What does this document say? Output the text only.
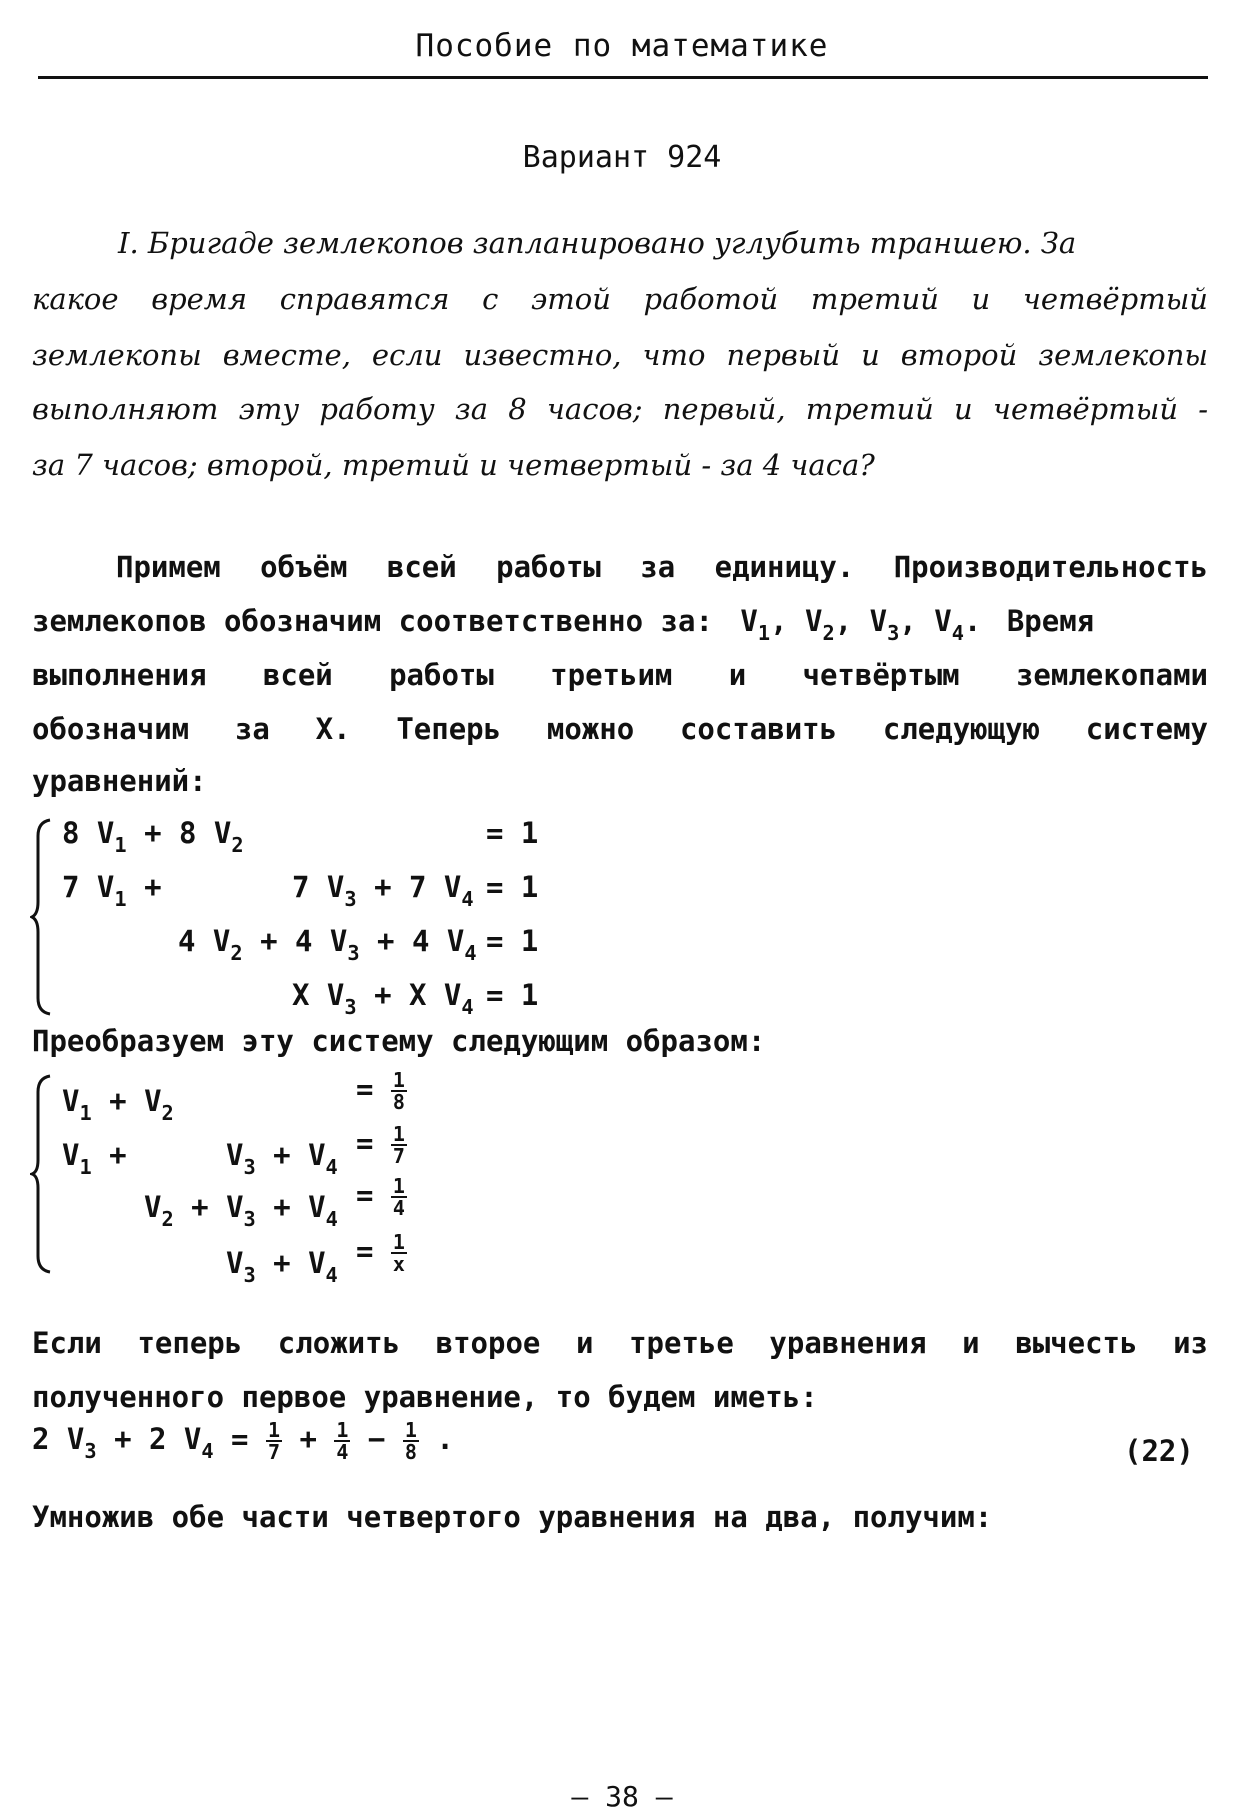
Пособие по математике
Вариант 924
I. Бригаде землекопов запланировано углубить траншею. За
какое время справятся с этой работой третий и четвёртый
землекопы вместе, если известно, что первый и второй землекопы
выполняют эту работу за 8 часов; первый, третий и четвёртый -
за 7 часов; второй, третий и четвертый - за 4 часа?
Примем объём всей работы за единицу. Производительность
землекопов обозначим соответственно за: $V_1$, $V_2$, $V_3$, $V_4$. Время
выполнения всей работы третьим и четвёртым землекопами
обозначим за X. Теперь можно составить следующую систему
уравнений:
8 $V_1 + 8$ $V_2$	= 1
7 $V_1$ +	7 $V_3 + 7$ $V_4 = 1$
4 $V_2 + 4$ $V_3 + 4$ $V_4 = 1$
X $V_3 + X$ $V_4 = 1$
Преобразуем эту систему следующим образом:
$V_1 + V_2$
= $\frac{1}{8}$
$V_1$ +	$V_3 + V_4$
= $\frac{1}{7}$
$V_2 + V_3 + V_4$
= $\frac{1}{4}$
$V_3 + V_4$
= $\frac{1}{x}$
Если теперь сложить второе и третье уравнения и вычесть из
полученного первое уравнение, то будем иметь:
2 $V_3 + 2$ $V_4 = \frac{1}{7} + \frac{1}{4} - \frac{1}{8}$ .	(22)
Умножив обе части четвертого уравнения на два, получим:
– 38 –
